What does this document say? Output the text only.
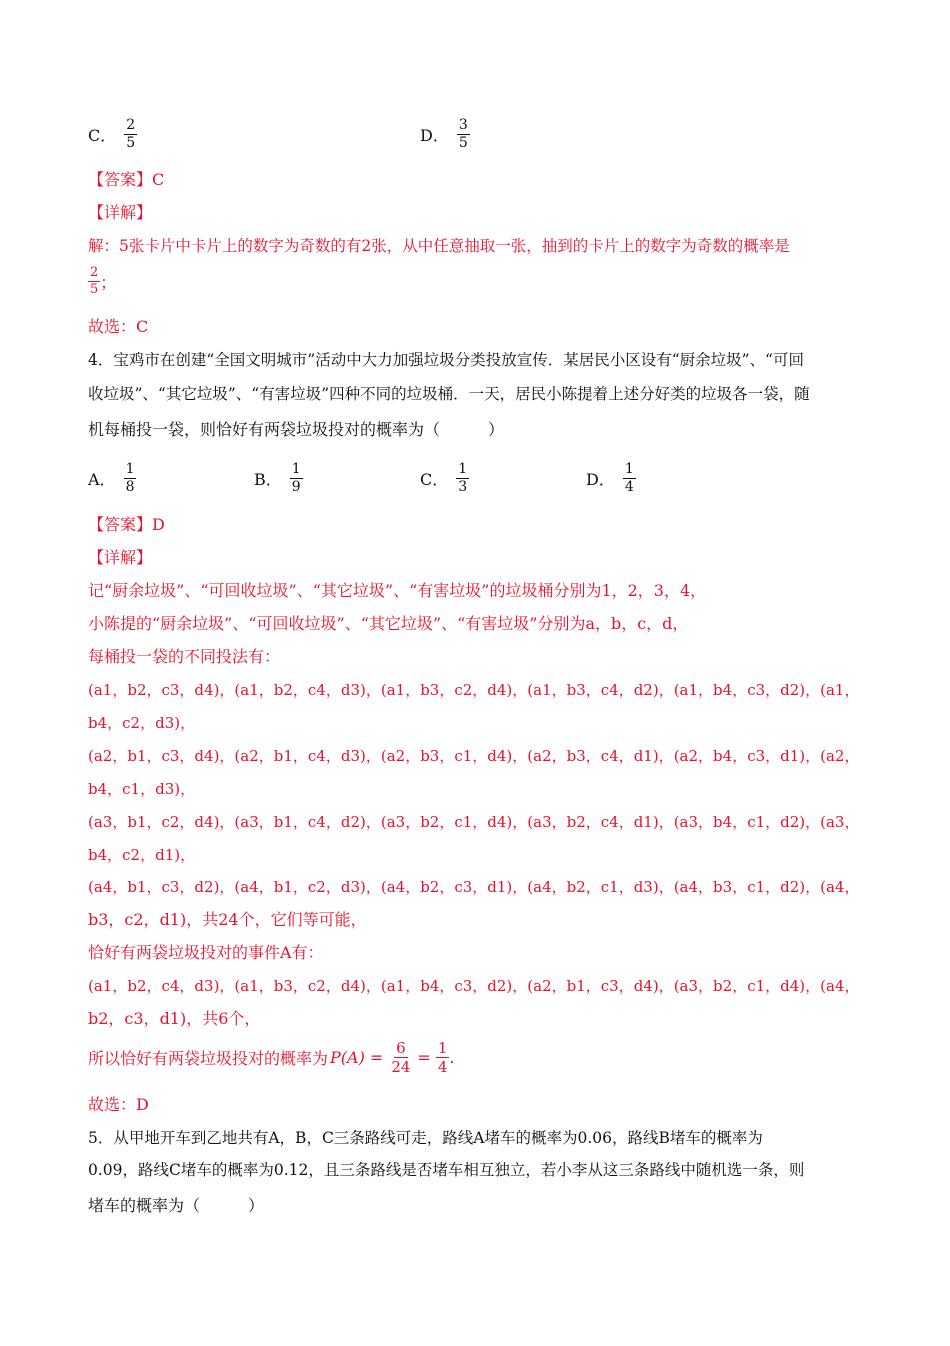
C． $\frac{2}{5}$	D． $\frac{3}{5}$
【答案】C
【详解】
解：5张卡片中卡片上的数字为奇数的有2张，从中任意抽取一张，抽到的卡片上的数字为奇数的概率是
$\frac{2}{5}$ ；
故选：C
4．宝鸡市在创建“全国文明城市”活动中大力加强垃圾分类投放宣传．某居民小区设有“厨余垃圾”、“可回
收垃圾”、“其它垃圾”、“有害垃圾”四种不同的垃圾桶．一天，居民小陈提着上述分好类的垃圾各一袋，随
机每桶投一袋，则恰好有两袋垃圾投对的概率为（　　　）
A． $\frac{1}{8}$	B． $\frac{1}{9}$	C． $\frac{1}{3}$	D． $\frac{1}{4}$
【答案】D
【详解】
记“厨余垃圾”、“可回收垃圾”、“其它垃圾”、“有害垃圾”的垃圾桶分别为1，2，3，4，
小陈提的“厨余垃圾”、“可回收垃圾”、“其它垃圾”、“有害垃圾”分别为a，b，c，d，
每桶投一袋的不同投法有：
(a1，b2，c3，d4)，(a1，b2，c4，d3)，(a1，b3，c2，d4)，(a1，b3，c4，d2)，(a1，b4，c3，d2)，(a1，
b4，c2，d3)，
(a2，b1，c3，d4)，(a2，b1，c4，d3)，(a2，b3，c1，d4)，(a2，b3，c4，d1)，(a2，b4，c3，d1)，(a2，
b4，c1，d3)，
(a3，b1，c2，d4)，(a3，b1，c4，d2)，(a3，b2，c1，d4)，(a3，b2，c4，d1)，(a3，b4，c1，d2)，(a3，
b4，c2，d1)，
(a4，b1，c3，d2)，(a4，b1，c2，d3)，(a4，b2，c3，d1)，(a4，b2，c1，d3)，(a4，b3，c1，d2)，(a4，
b3，c2，d1)，共24个，它们等可能，
恰好有两袋垃圾投对的事件A有：
(a1，b2，c4，d3)，(a1，b3，c2，d4)，(a1，b4，c3，d2)，(a2，b1，c3，d4)，(a3，b2，c1，d4)，(a4，
b2，c3，d1)，共6个，
所以恰好有两袋垃圾投对的概率为 $P(A) = \frac{6}{24} = \frac{1}{4}$ .
故选：D
5．从甲地开车到乙地共有A，B，C三条路线可走，路线A堵车的概率为0.06，路线B堵车的概率为
0.09，路线C堵车的概率为0.12，且三条路线是否堵车相互独立，若小李从这三条路线中随机选一条，则
堵车的概率为（　　　）
